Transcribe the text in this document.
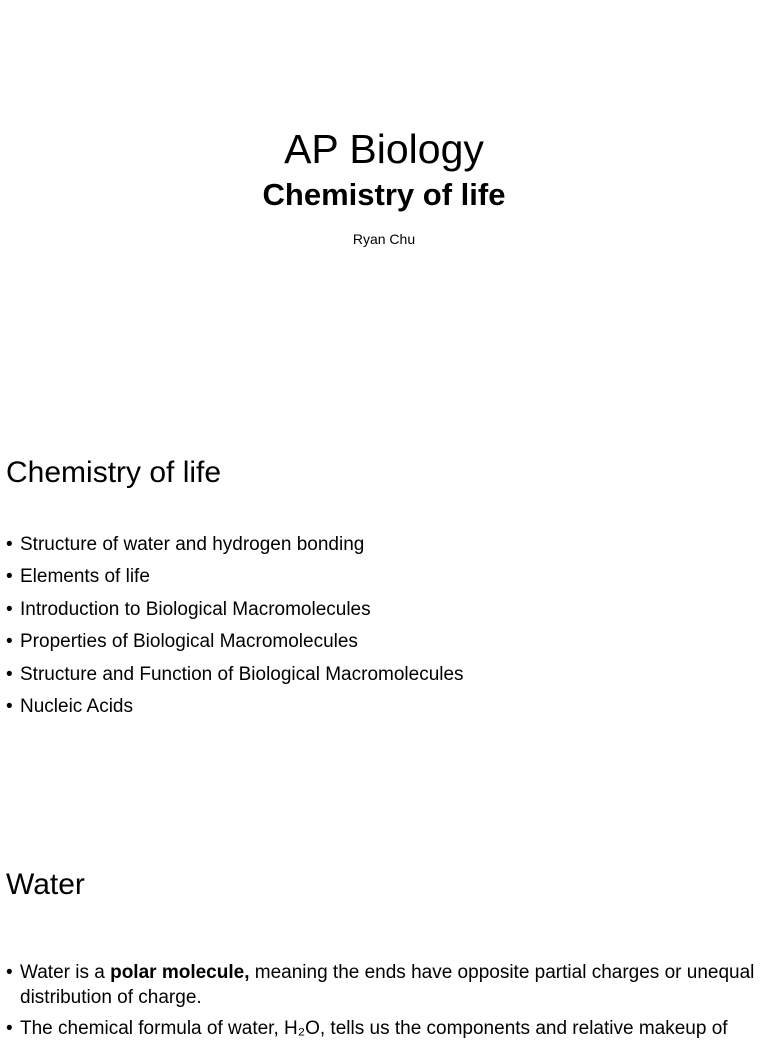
AP Biology
Chemistry of life
Ryan Chu
Chemistry of life
• Structure of water and hydrogen bonding
• Elements of life
• Introduction to Biological Macromolecules
• Properties of Biological Macromolecules
• Structure and Function of Biological Macromolecules
• Nucleic Acids
Water
• Water is a polar molecule, meaning the ends have opposite partial charges or unequal distribution of charge.
• The chemical formula of water, H₂O, tells us the components and relative makeup of
